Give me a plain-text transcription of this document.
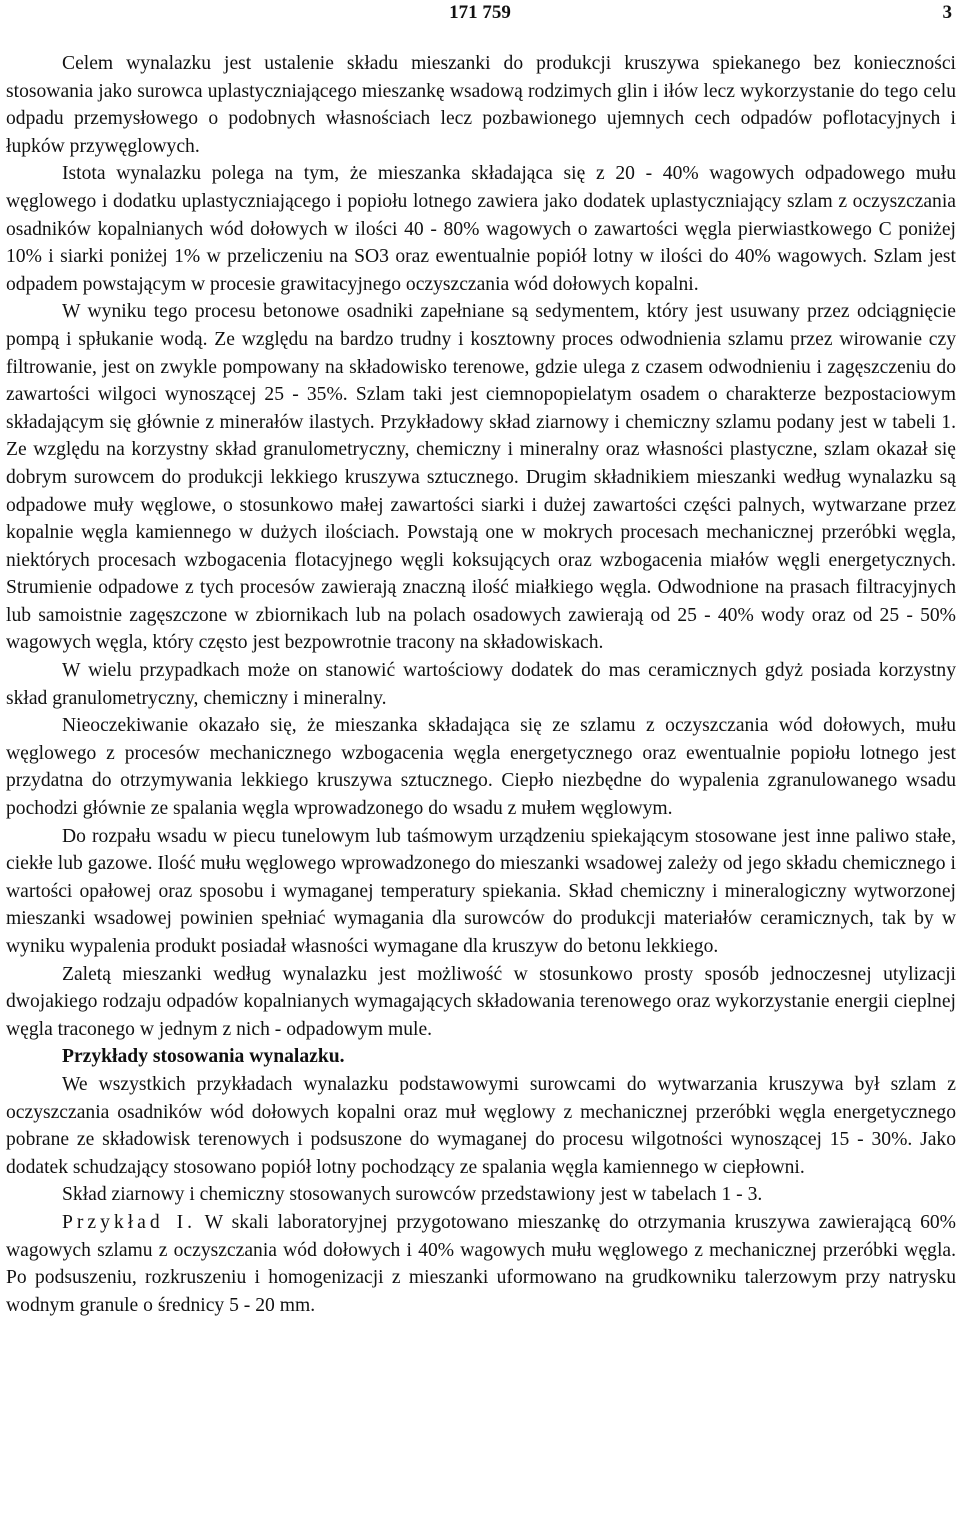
171 759	3

Celem wynalazku jest ustalenie składu mieszanki do produkcji kruszywa spiekanego bez konieczności stosowania jako surowca uplastyczniającego mieszankę wsadową rodzimych glin i iłów lecz wykorzystanie do tego celu odpadu przemysłowego o podobnych własnościach lecz pozbawionego ujemnych cech odpadów poflotacyjnych i łupków przywęglowych.

Istota wynalazku polega na tym, że mieszanka składająca się z 20 - 40% wagowych odpadowego mułu węglowego i dodatku uplastyczniającego i popiołu lotnego zawiera jako dodatek uplastyczniający szlam z oczyszczania osadników kopalnianych wód dołowych w ilości 40 - 80% wagowych o zawartości węgla pierwiastkowego C poniżej 10% i siarki poniżej 1% w przeliczeniu na SO3 oraz ewentualnie popiół lotny w ilości do 40% wagowych. Szlam jest odpadem powstającym w procesie grawitacyjnego oczyszczania wód dołowych kopalni.

W wyniku tego procesu betonowe osadniki zapełniane są sedymentem, który jest usuwany przez odciągnięcie pompą i spłukanie wodą. Ze względu na bardzo trudny i kosztowny proces odwodnienia szlamu przez wirowanie czy filtrowanie, jest on zwykle pompowany na składowisko terenowe, gdzie ulega z czasem odwodnieniu i zagęszczeniu do zawartości wilgoci wynoszącej 25 - 35%. Szlam taki jest ciemnopopielatym osadem o charakterze bezpostaciowym składającym się głównie z minerałów ilastych. Przykładowy skład ziarnowy i chemiczny szlamu podany jest w tabeli 1. Ze względu na korzystny skład granulometryczny, chemiczny i mineralny oraz własności plastyczne, szlam okazał się dobrym surowcem do produkcji lekkiego kruszywa sztucznego. Drugim składnikiem mieszanki według wynalazku są odpadowe muły węglowe, o stosunkowo małej zawartości siarki i dużej zawartości części palnych, wytwarzane przez kopalnie węgla kamiennego w dużych ilościach. Powstają one w mokrych procesach mechanicznej przeróbki węgla, niektórych procesach wzbogacenia flotacyjnego węgli koksujących oraz wzbogacenia miałów węgli energetycznych. Strumienie odpadowe z tych procesów zawierają znaczną ilość miałkiego węgla. Odwodnione na prasach filtracyjnych lub samoistnie zagęszczone w zbiornikach lub na polach osadowych zawierają od 25 - 40% wody oraz od 25 - 50% wagowych węgla, który często jest bezpowrotnie tracony na składowiskach.

W wielu przypadkach może on stanowić wartościowy dodatek do mas ceramicznych gdyż posiada korzystny skład granulometryczny, chemiczny i mineralny.

Nieoczekiwanie okazało się, że mieszanka składająca się ze szlamu z oczyszczania wód dołowych, mułu węglowego z procesów mechanicznego wzbogacenia węgla energetycznego oraz ewentualnie popiołu lotnego jest przydatna do otrzymywania lekkiego kruszywa sztucznego. Ciepło niezbędne do wypalenia zgranulowanego wsadu pochodzi głównie ze spalania węgla wprowadzonego do wsadu z mułem węglowym.

Do rozpału wsadu w piecu tunelowym lub taśmowym urządzeniu spiekającym stosowane jest inne paliwo stałe, ciekłe lub gazowe. Ilość mułu węglowego wprowadzonego do mieszanki wsadowej zależy od jego składu chemicznego i wartości opałowej oraz sposobu i wymaganej temperatury spiekania. Skład chemiczny i mineralogiczny wytworzonej mieszanki wsadowej powinien spełniać wymagania dla surowców do produkcji materiałów ceramicznych, tak by w wyniku wypalenia produkt posiadał własności wymagane dla kruszyw do betonu lekkiego.

Zaletą mieszanki według wynalazku jest możliwość w stosunkowo prosty sposób jednoczesnej utylizacji dwojakiego rodzaju odpadów kopalnianych wymagających składowania terenowego oraz wykorzystanie energii cieplnej węgla traconego w jednym z nich - odpadowym mule.

Przykłady stosowania wynalazku.

We wszystkich przykładach wynalazku podstawowymi surowcami do wytwarzania kruszywa był szlam z oczyszczania osadników wód dołowych kopalni oraz muł węglowy z mechanicznej przeróbki węgla energetycznego pobrane ze składowisk terenowych i podsuszone do wymaganej do procesu wilgotności wynoszącej 15 - 30%. Jako dodatek schudzający stosowano popiół lotny pochodzący ze spalania węgla kamiennego w ciepłowni.

Skład ziarnowy i chemiczny stosowanych surowców przedstawiony jest w tabelach 1 - 3.

Przykład I. W skali laboratoryjnej przygotowano mieszankę do otrzymania kruszywa zawierającą 60% wagowych szlamu z oczyszczania wód dołowych i 40% wagowych mułu węglowego z mechanicznej przeróbki węgla. Po podsuszeniu, rozkruszeniu i homogenizacji z mieszanki uformowano na grudkowniku talerzowym przy natrysku wodnym granule o średnicy 5 - 20 mm.
